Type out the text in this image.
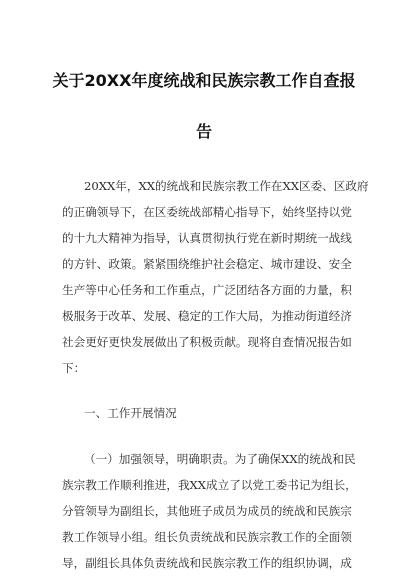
关于20XX年度统战和民族宗教工作自查报
告
20XX年，XX的统战和民族宗教工作在XX区委、区政府
的正确领导下，在区委统战部精心指导下，始终坚持以党
的十九大精神为指导，认真贯彻执行党在新时期统一战线
的方针、政策。紧紧围绕维护社会稳定、城市建设、安全
生产等中心任务和工作重点，广泛团结各方面的力量，积
极服务于改革、发展、稳定的工作大局，为推动街道经济
社会更好更快发展做出了积极贡献。现将自查情况报告如
下：
一、工作开展情况
（一）加强领导，明确职责。为了确保XX的统战和民
族宗教工作顺利推进，我XX成立了以党工委书记为组长，
分管领导为副组长，其他班子成员为成员的统战和民族宗
教工作领导小组。组长负责统战和民族宗教工作的全面领
导，副组长具体负责统战和民族宗教工作的组织协调，成
